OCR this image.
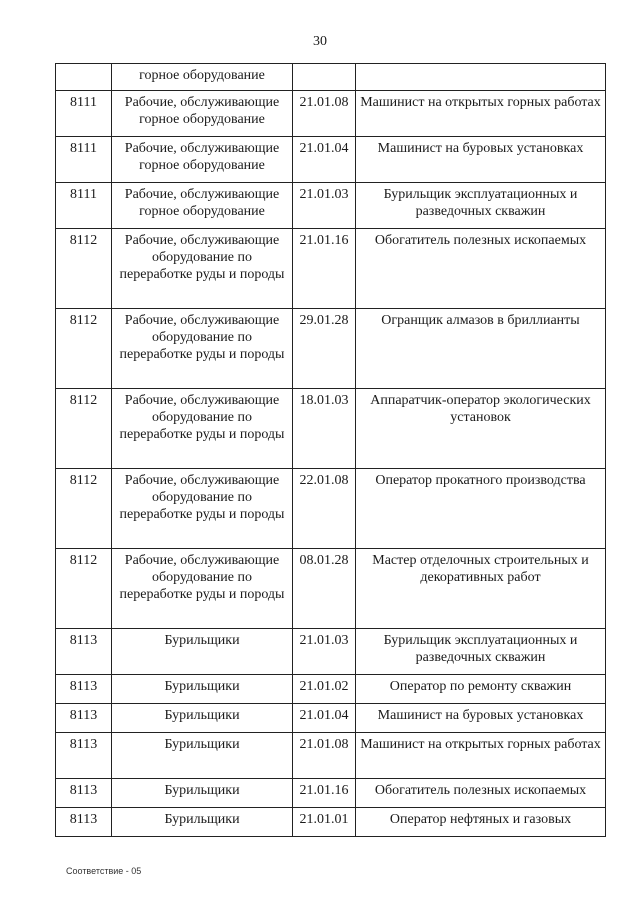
30
	горное оборудование		
8111	Рабочие, обслуживающие горное оборудование	21.01.08	Машинист на открытых горных работах
8111	Рабочие, обслуживающие горное оборудование	21.01.04	Машинист на буровых установках
8111	Рабочие, обслуживающие горное оборудование	21.01.03	Бурильщик эксплуатационных и разведочных скважин
8112	Рабочие, обслуживающие оборудование по переработке руды и породы	21.01.16	Обогатитель полезных ископаемых
8112	Рабочие, обслуживающие оборудование по переработке руды и породы	29.01.28	Огранщик алмазов в бриллианты
8112	Рабочие, обслуживающие оборудование по переработке руды и породы	18.01.03	Аппаратчик-оператор экологических установок
8112	Рабочие, обслуживающие оборудование по переработке руды и породы	22.01.08	Оператор прокатного производства
8112	Рабочие, обслуживающие оборудование по переработке руды и породы	08.01.28	Мастер отделочных строительных и декоративных работ
8113	Бурильщики	21.01.03	Бурильщик эксплуатационных и разведочных скважин
8113	Бурильщики	21.01.02	Оператор по ремонту скважин
8113	Бурильщики	21.01.04	Машинист на буровых установках
8113	Бурильщики	21.01.08	Машинист на открытых горных работах
8113	Бурильщики	21.01.16	Обогатитель полезных ископаемых
8113	Бурильщики	21.01.01	Оператор нефтяных и газовых
Соответствие - 05
